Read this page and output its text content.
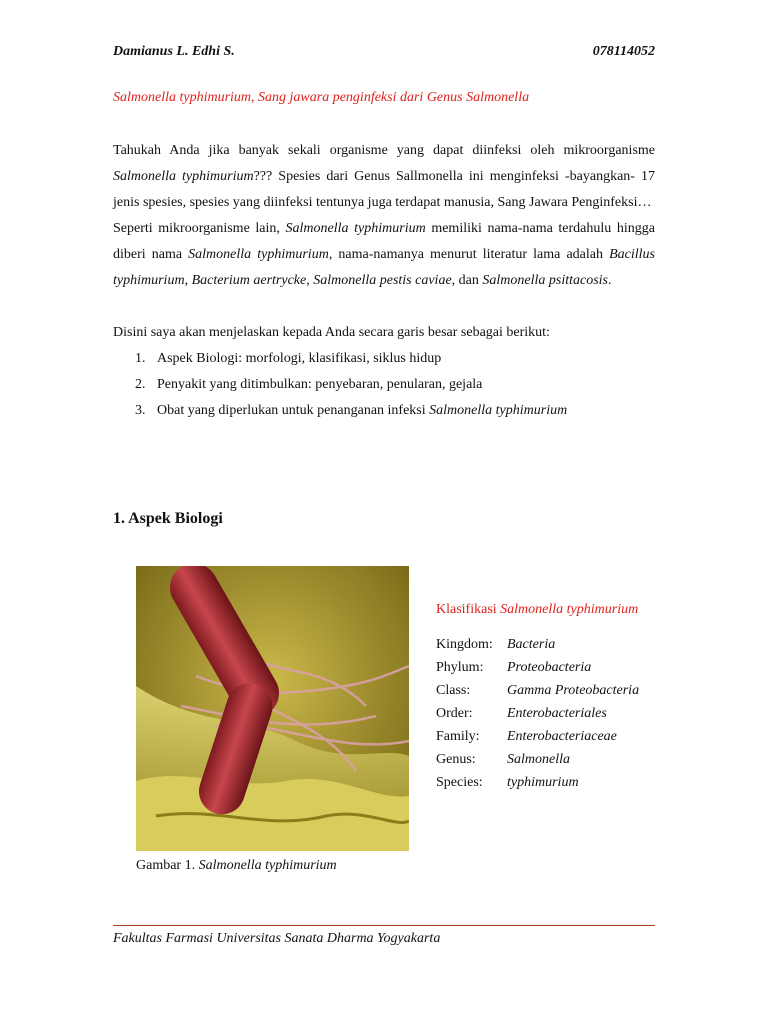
Damianus L. Edhi S.	078114052
Salmonella typhimurium, Sang jawara penginfeksi dari Genus Salmonella

Tahukah Anda jika banyak sekali organisme yang dapat diinfeksi oleh mikroorganisme Salmonella typhimurium??? Spesies dari Genus Sallmonella ini menginfeksi -bayangkan- 17 jenis spesies, spesies yang diinfeksi tentunya juga terdapat manusia, Sang Jawara Penginfeksi…

Seperti mikroorganisme lain, Salmonella typhimurium memiliki nama-nama terdahulu hingga diberi nama Salmonella typhimurium, nama-namanya menurut literatur lama adalah Bacillus typhimurium, Bacterium aertrycke, Salmonella pestis caviae, dan Salmonella psittacosis.

Disini saya akan menjelaskan kepada Anda secara garis besar sebagai berikut:

1. Aspek Biologi: morfologi, klasifikasi, siklus hidup
2. Penyakit yang ditimbulkan: penyebaran, penularan, gejala
3. Obat yang diperlukan untuk penanganan infeksi Salmonella typhimurium
1. Aspek Biologi
Gambar 1. Salmonella typhimurium
Klasifikasi Salmonella typhimurium
Kingdom:	Bacteria
Phylum:	Proteobacteria
Class:	Gamma Proteobacteria
Order:	Enterobacteriales
Family:	Enterobacteriaceae
Genus:	Salmonella
Species:	typhimurium
Fakultas Farmasi Universitas Sanata Dharma Yogyakarta
